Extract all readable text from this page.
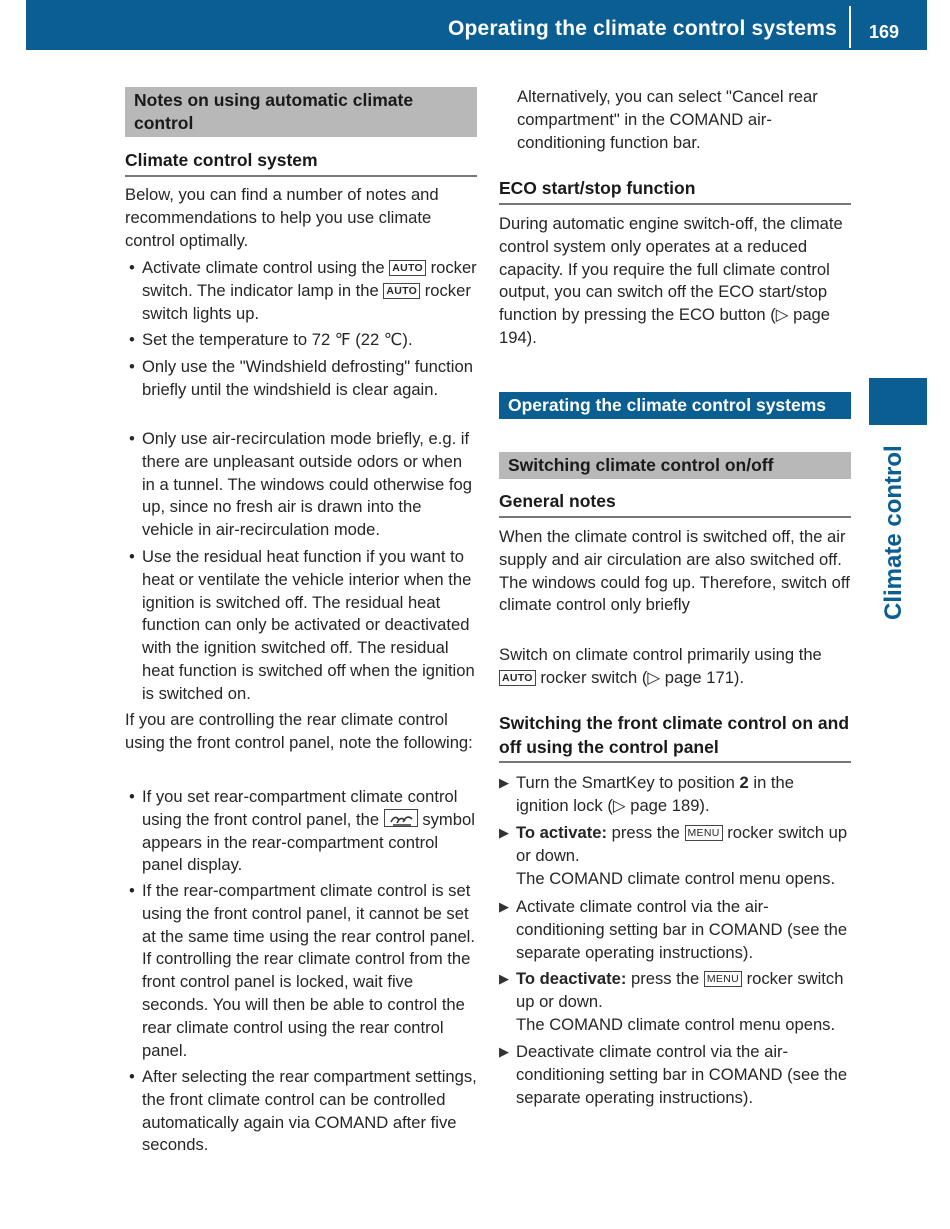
Operating the climate control systems 169
Climate control
Notes on using automatic climate control
Climate control system
Below, you can find a number of notes and recommendations to help you use climate control optimally.
• Activate climate control using the AUTO rocker switch. The indicator lamp in the AUTO rocker switch lights up.
• Set the temperature to 72 ℉ (22 ℃).
• Only use the "Windshield defrosting" function briefly until the windshield is clear again.
• Only use air-recirculation mode briefly, e.g. if there are unpleasant outside odors or when in a tunnel. The windows could otherwise fog up, since no fresh air is drawn into the vehicle in air-recirculation mode.
• Use the residual heat function if you want to heat or ventilate the vehicle interior when the ignition is switched off. The residual heat function can only be activated or deactivated with the ignition switched off. The residual heat function is switched off when the ignition is switched on.
If you are controlling the rear climate control using the front control panel, note the following:
• If you set rear-compartment climate control using the front control panel, the	symbol appears in the rear-compartment control panel display.
• If the rear-compartment climate control is set using the front control panel, it cannot be set at the same time using the rear control panel. If controlling the rear climate control from the front control panel is locked, wait five seconds. You will then be able to control the rear climate control using the rear control panel.
• After selecting the rear compartment settings, the front climate control can be controlled automatically again via COMAND after five seconds.
Alternatively, you can select "Cancel rear compartment" in the COMAND air-conditioning function bar.
ECO start/stop function
During automatic engine switch-off, the climate control system only operates at a reduced capacity. If you require the full climate control output, you can switch off the ECO start/stop function by pressing the ECO button (▷ page 194).
Operating the climate control systems
Switching climate control on/off
General notes
When the climate control is switched off, the air supply and air circulation are also switched off. The windows could fog up. Therefore, switch off climate control only briefly
Switch on climate control primarily using the AUTO rocker switch (▷ page 171).
Switching the front climate control on and off using the control panel
▶ Turn the SmartKey to position 2 in the ignition lock (▷ page 189).
▶ To activate: press the MENU rocker switch up or down.
The COMAND climate control menu opens.
▶ Activate climate control via the air-conditioning setting bar in COMAND (see the separate operating instructions).
▶ To deactivate: press the MENU rocker switch up or down.
The COMAND climate control menu opens.
▶ Deactivate climate control via the air-conditioning setting bar in COMAND (see the separate operating instructions).
